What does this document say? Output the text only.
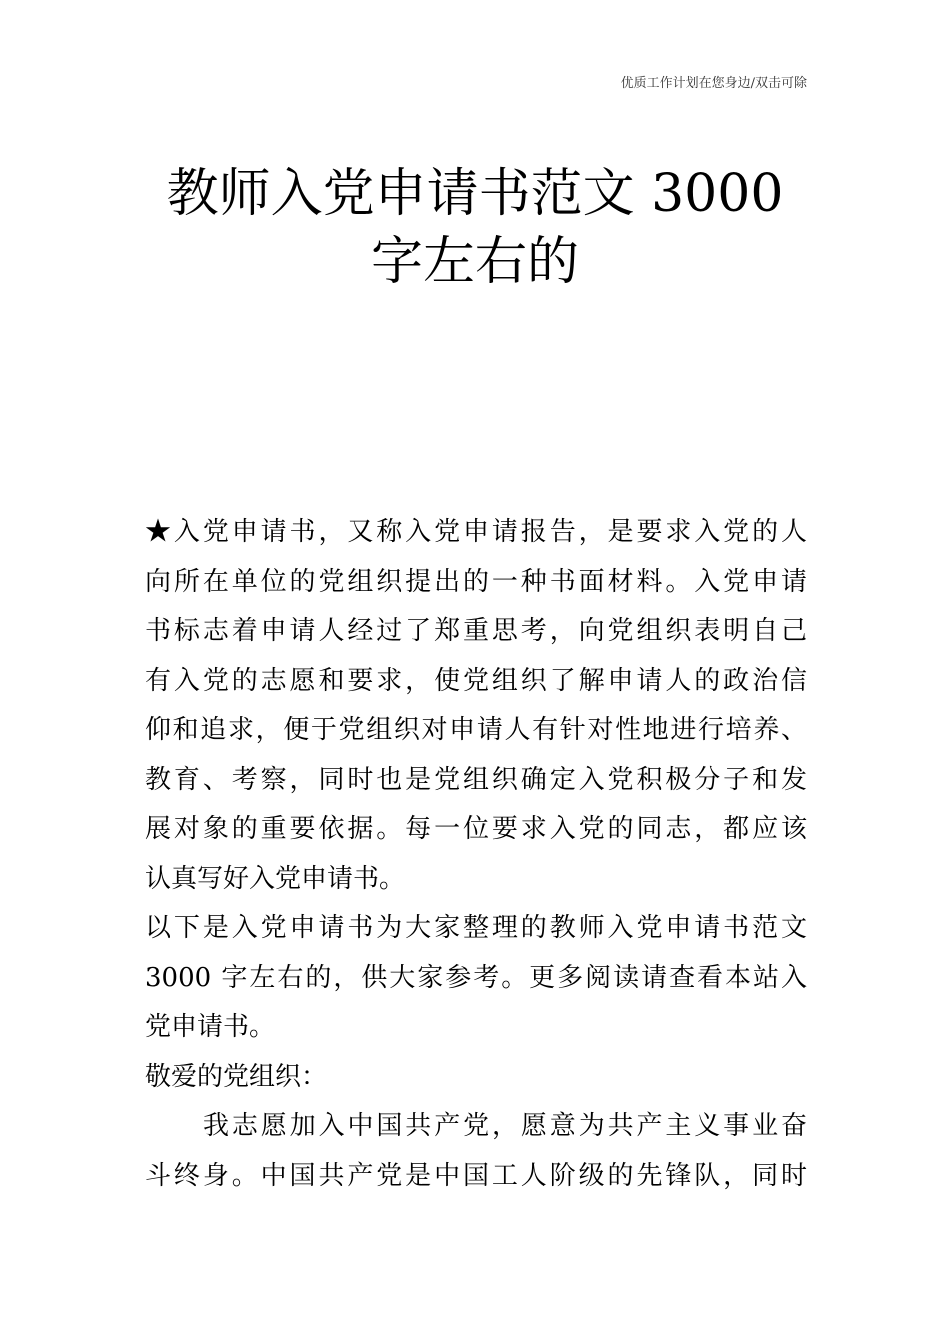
优质工作计划在您身边/双击可除
教师入党申请书范文 3000
字左右的
★入党申请书，又称入党申请报告，是要求入党的人
向所在单位的党组织提出的一种书面材料。入党申请
书标志着申请人经过了郑重思考，向党组织表明自己
有入党的志愿和要求，使党组织了解申请人的政治信
仰和追求，便于党组织对申请人有针对性地进行培养、
教育、考察，同时也是党组织确定入党积极分子和发
展对象的重要依据。每一位要求入党的同志，都应该
认真写好入党申请书。
以下是入党申请书为大家整理的教师入党申请书范文
3000 字左右的，供大家参考。更多阅读请查看本站入
党申请书。
敬爱的党组织：
我志愿加入中国共产党，愿意为共产主义事业奋
斗终身。中国共产党是中国工人阶级的先锋队，同时
